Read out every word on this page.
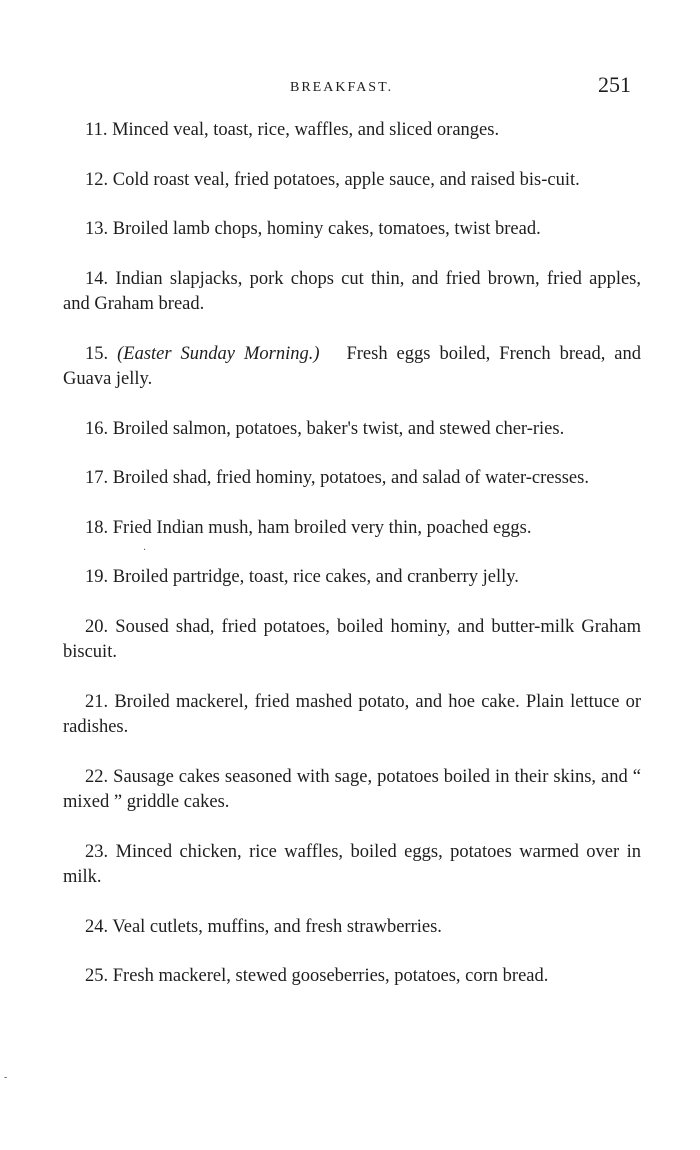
BREAKFAST.	251
11. Minced veal, toast, rice, waffles, and sliced oranges.
12. Cold roast veal, fried potatoes, apple sauce, and raised bis-cuit.
13. Broiled lamb chops, hominy cakes, tomatoes, twist bread.
14. Indian slapjacks, pork chops cut thin, and fried brown, fried apples, and Graham bread.
15. (Easter Sunday Morning.) Fresh eggs boiled, French bread, and Guava jelly.
16. Broiled salmon, potatoes, baker's twist, and stewed cher-ries.
17. Broiled shad, fried hominy, potatoes, and salad of water-cresses.
18. Fried Indian mush, ham broiled very thin, poached eggs.
19. Broiled partridge, toast, rice cakes, and cranberry jelly.
20. Soused shad, fried potatoes, boiled hominy, and butter-milk Graham biscuit.
21. Broiled mackerel, fried mashed potato, and hoe cake. Plain lettuce or radishes.
22. Sausage cakes seasoned with sage, potatoes boiled in their skins, and “ mixed ” griddle cakes.
23. Minced chicken, rice waffles, boiled eggs, potatoes warmed over in milk.
24. Veal cutlets, muffins, and fresh strawberries.
25. Fresh mackerel, stewed gooseberries, potatoes, corn bread.
‧
‐
